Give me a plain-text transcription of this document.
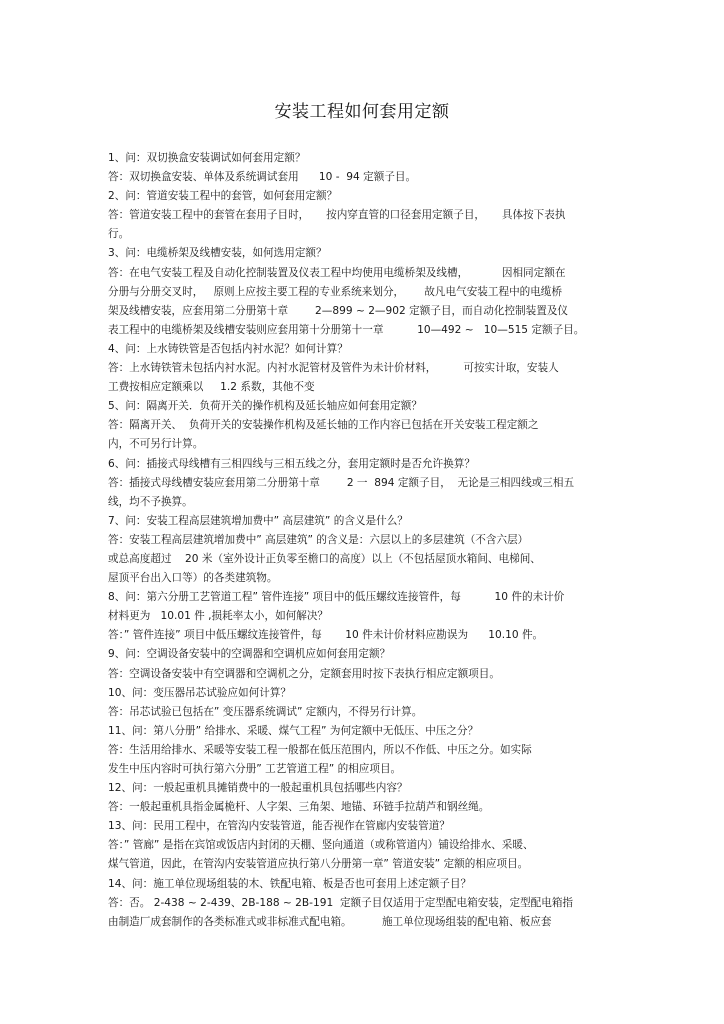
安装工程如何套用定额
1、问：双切换盒安装调试如何套用定额？
答：双切换盒安装、单体及系统调试套用      10 -  94 定额子目。
2、问：管道安装工程中的套管，如何套用定额？
答：管道安装工程中的套管在套用子目时，     按内穿直管的口径套用定额子目，     具体按下表执
行。
3、问：电缆桥架及线槽安装，如何选用定额？
答：在电气安装工程及自动化控制装置及仪表工程中均使用电缆桥架及线槽，          因相同定额在
分册与分册交叉时，   原则上应按主要工程的专业系统来划分，      故凡电气安装工程中的电缆桥
架及线槽安装，应套用第二分册第十章        2—899 ~ 2—902 定额子目，而自动化控制装置及仪
表工程中的电缆桥架及线槽安装则应套用第十分册第十一章          10—492 ~   10—515 定额子目。
4、问：上水铸铁管是否包括内衬水泥？如何计算？
答：上水铸铁管未包括内衬水泥。内衬水泥管材及管件为未计价材料，        可按实计取，安装人
工费按相应定额乘以     1.2 系数，其他不变
5、问：隔离开关．负荷开关的操作机构及延长轴应如何套用定额？
答：隔离开关、  负荷开关的安装操作机构及延长轴的工作内容已包括在开关安装工程定额之
内，不可另行计算。
6、问：插接式母线槽有三相四线与三相五线之分，套用定额时是否允许换算？
答：插接式母线槽安装应套用第二分册第十章        2 一  894 定额子目，  无论是三相四线或三相五
线，均不予换算。
7、问：安装工程高层建筑增加费中” 高层建筑” 的含义是什么？
答：安装工程高层建筑增加费中” 高层建筑” 的含义是：六层以上的多层建筑（不含六层）
或总高度超过    20 米（室外设计正负零至檐口的高度）以上（不包括屋顶水箱间、电梯间、
屋顶平台出入口等）的各类建筑物。
8、问：第六分册工艺管道工程” 管件连接” 项目中的低压螺纹连接管件，每          10 件的未计价
材料更为   10.01 件 ,损耗率太小，如何解决？
答：” 管件连接” 项目中低压螺纹连接管件，每       10 件未计价材料应勘误为      10.10 件。
9、问：空调设备安装中的空调器和空调机应如何套用定额？
答：空调设备安装中有空调器和空调机之分，定额套用时按下表执行相应定额项目。
10、问：变压器吊芯试验应如何计算？
答：吊芯试验已包括在” 变压器系统调试” 定额内，不得另行计算。
11、问：第八分册” 给排水、采暖、煤气工程” 为何定额中无低压、中压之分？
答：生活用给排水、采暖等安装工程一般都在低压范围内，所以不作低、中压之分。如实际
发生中压内容时可执行第六分册” 工艺管道工程” 的相应项目。
12、问：一般起重机具摊销费中的一般起重机具包括哪些内容？
答：一般起重机具指金属桅杆、人字架、三角架、地锚、环链手拉葫芦和钢丝绳。
13、问：民用工程中，在管沟内安装管道，能否视作在管廊内安装管道？
答：” 管廊” 是指在宾馆或饭店内封闭的天棚、竖向通道（或称管道内）铺设给排水、采暖、
煤气管道，因此，在管沟内安装管道应执行第八分册第一章” 管道安装” 定额的相应项目。
14、问：施工单位现场组装的木、铁配电箱、板是否也可套用上述定额子目？
答：否。 2-438 ~ 2-439、2B-188 ~ 2B-191  定额子目仅适用于定型配电箱安装，定型配电箱指
由制造厂成套制作的各类标准式或非标准式配电箱。         施工单位现场组装的配电箱、板应套
